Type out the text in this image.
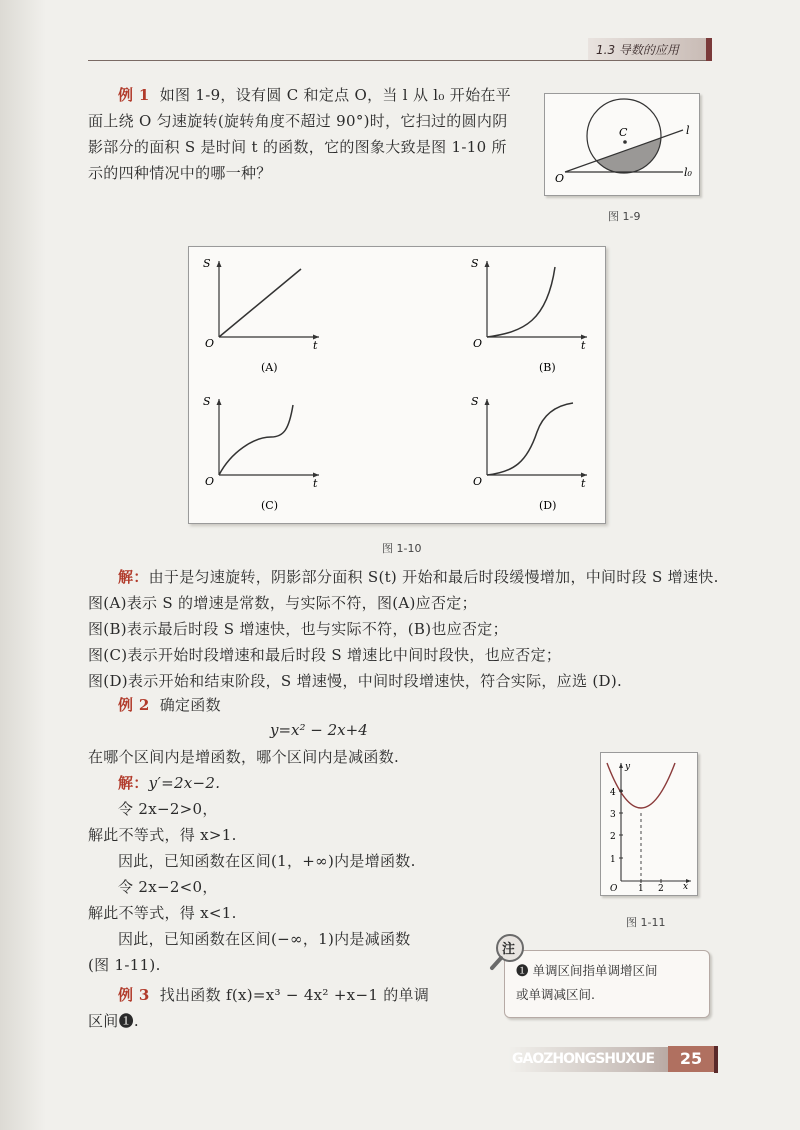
1.3 导数的应用
例 1 如图 1-9，设有圆 C 和定点 O，当 l 从 l₀ 开始在平
面上绕 O 匀速旋转(旋转角度不超过 90°)时，它扫过的圆内阴
影部分的面积 S 是时间 t 的函数，它的图象大致是图 1-10 所
示的四种情况中的哪一种？
C
O
l
l₀
图 1-9
S
O	t
(A)
S
O	t
(B)
S
O	t
(C)
S
O	t
(D)
图 1-10
解：由于是匀速旋转，阴影部分面积 S(t) 开始和最后时段缓慢增加，中间时段 S 增速快.
图(A)表示 S 的增速是常数，与实际不符，图(A)应否定；
图(B)表示最后时段 S 增速快，也与实际不符，(B)也应否定；
图(C)表示开始时段增速和最后时段 S 增速比中间时段快，也应否定；
图(D)表示开始和结束阶段，S 增速慢，中间时段增速快，符合实际，应选 (D).
例 2 确定函数
y=x² − 2x+4
在哪个区间内是增函数，哪个区间内是减函数.
解：y′=2x−2.
令 2x−2>0，
解此不等式，得 x>1.
因此，已知函数在区间(1，+∞)内是增函数.
令 2x−2<0，
解此不等式，得 x<1.
因此，已知函数在区间(−∞，1)内是减函数
(图 1-11).
y
x
O
4
3
2
1
1 2
图 1-11
例 3 找出函数 f(x)=x³ − 4x² +x−1 的单调
区间❶.
注
❶ 单调区间指单调增区间
或单调减区间.
GAOZHONGSHUXUE	25
